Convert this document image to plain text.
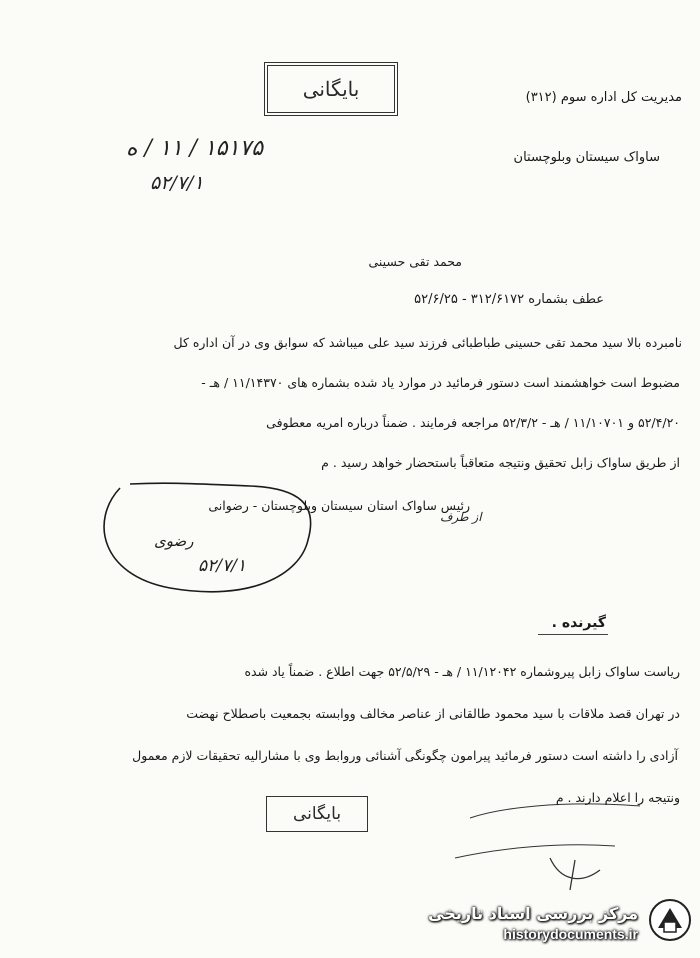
بایگانی	مدیریت کل اداره سوم (۳۱۲)
۱۵۱۷۵ / ۱۱ / ه
۵۲/۷/۱
ساواک سیستان وبلوچستان
محمد تقی حسینی
عطف بشماره ۳۱۲/۶۱۷۲ - ۵۲/۶/۲۵
نامبرده بالا سید محمد تقی حسینی طباطبائی فرزند سید علی میباشد که سوابق وی در آن اداره کل
مضبوط است خواهشمند است دستور فرمائید در موارد یاد شده بشماره های ۱۱/۱۴۳۷۰ / هـ -
۵۲/۴/۲۰ و ۱۱/۱۰۷۰۱ / هـ - ۵۲/۳/۲ مراجعه فرمایند . ضمناً درباره امریه معطوفی
از طریق ساواک زابل تحقیق ونتیجه متعاقباً باستحضار خواهد رسید . م
رئیس ساواک استان سیستان وبلوچستان - رضوانی
از طرف
رضوی
۵۲/۷/۱
گیرنده .
ریاست ساواک زابل پیروشماره ۱۱/۱۲۰۴۲ / هـ - ۵۲/۵/۲۹ جهت اطلاع . ضمناً یاد شده
در تهران قصد ملاقات با سید محمود طالقانی از عناصر مخالف ووابسته بجمعیت باصطلاح نهضت
آزادی را داشته است دستور فرمائید پیرامون چگونگی آشنائی وروابط وی با مشارالیه تحقیقات لازم معمول
ونتیجه را اعلام دارند . م
بایگانی
مرکز بررسی اسناد تاریخی
historydocuments.ir
